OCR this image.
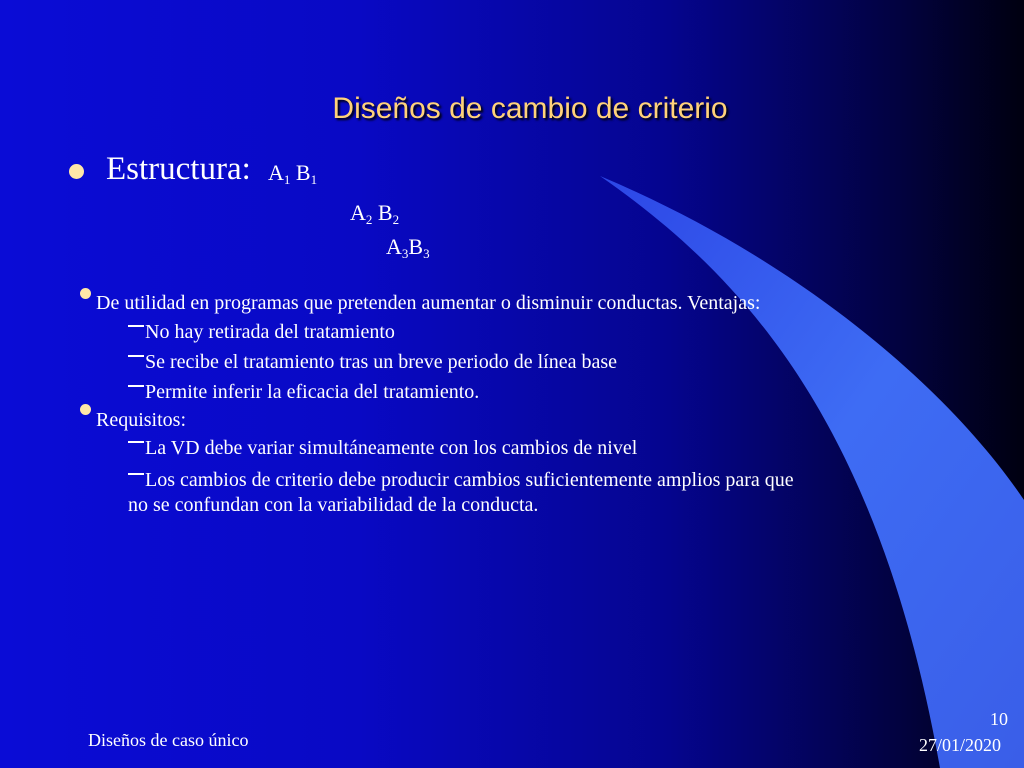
Diseños de cambio de criterio
Estructura: $A_1$ $B_1$
$A_2$ $B_2$
$A_3B_3$
De utilidad en programas que pretenden aumentar o disminuir conductas. Ventajas:
No hay retirada del tratamiento
Se recibe el tratamiento tras un breve periodo de línea base
Permite inferir la eficacia del tratamiento.
Requisitos:
La VD debe variar simultáneamente con los cambios de nivel
Los cambios de criterio debe producir cambios suficientemente amplios para que
no se confundan con la variabilidad de la conducta.
Diseños de caso único
10
27/01/2020
